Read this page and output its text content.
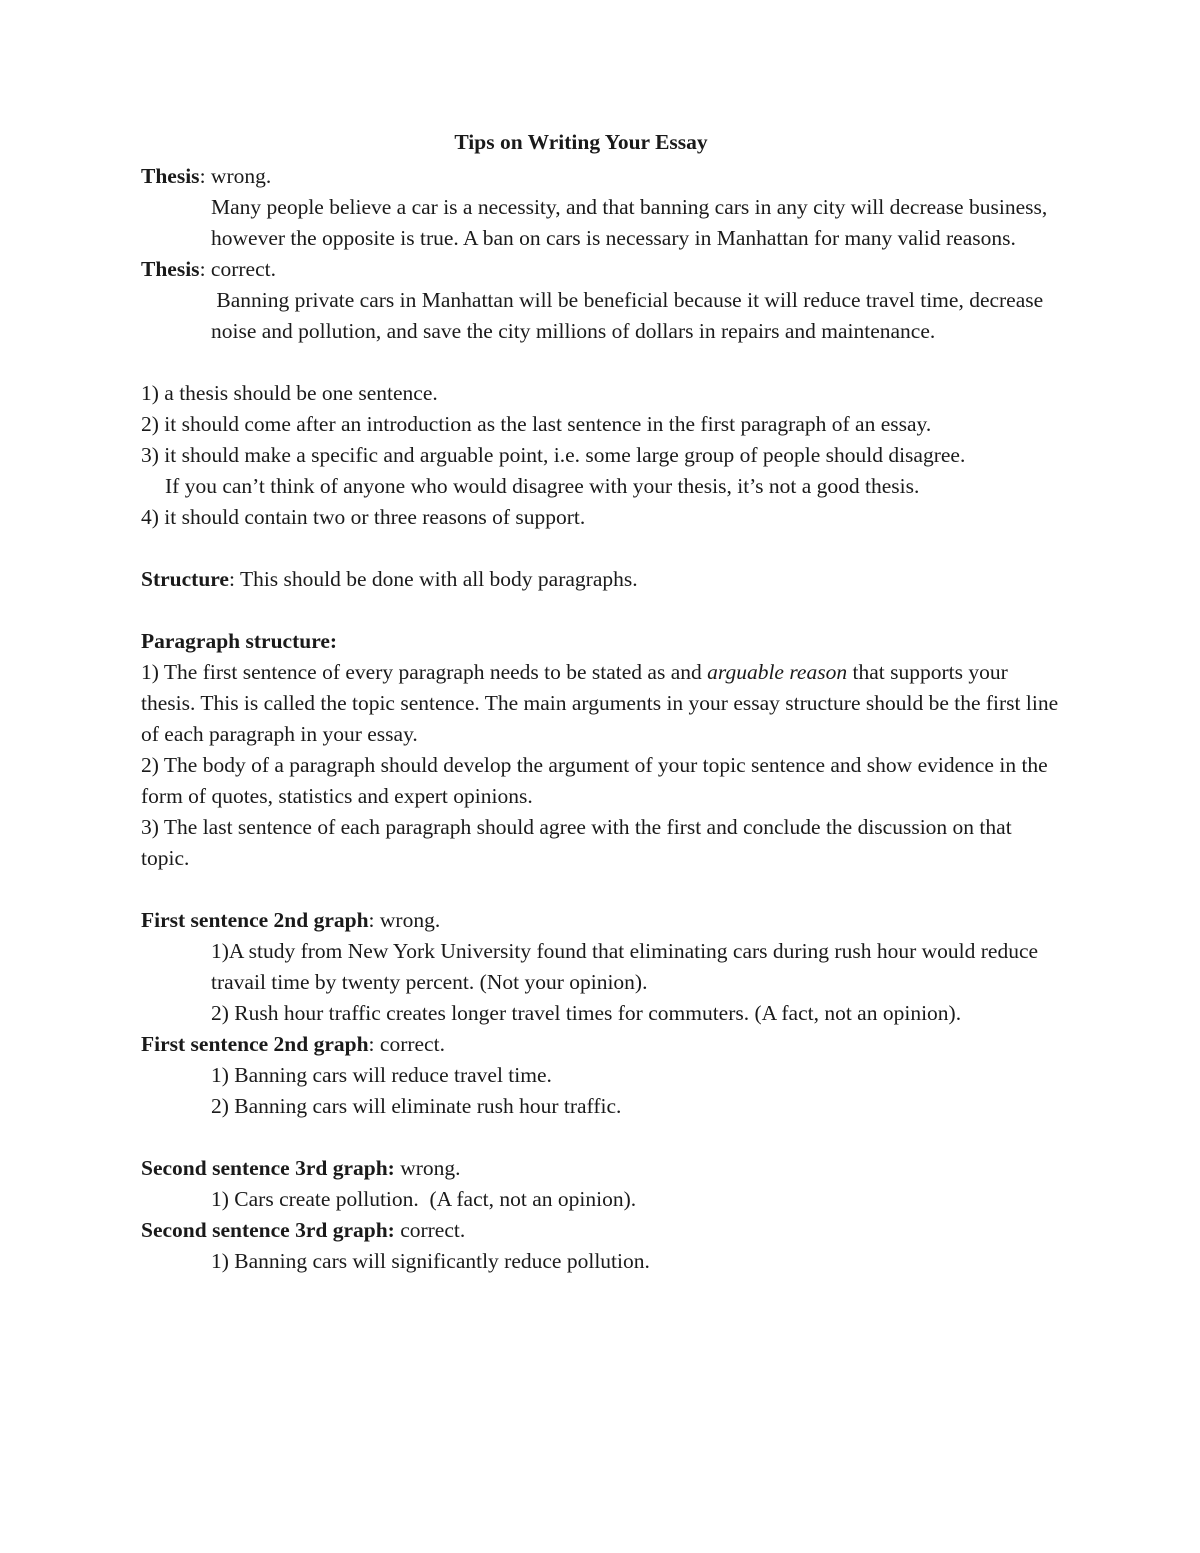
Tips on Writing Your Essay
Thesis: wrong.
Many people believe a car is a necessity, and that banning cars in any city will decrease business, however the opposite is true. A ban on cars is necessary in Manhattan for many valid reasons.
Thesis: correct.
Banning private cars in Manhattan will be beneficial because it will reduce travel time, decrease noise and pollution, and save the city millions of dollars in repairs and maintenance.
1) a thesis should be one sentence.
2) it should come after an introduction as the last sentence in the first paragraph of an essay.
3) it should make a specific and arguable point, i.e. some large group of people should disagree.
If you can’t think of anyone who would disagree with your thesis, it’s not a good thesis.
4) it should contain two or three reasons of support.
Structure: This should be done with all body paragraphs.
Paragraph structure:
1) The first sentence of every paragraph needs to be stated as and arguable reason that supports your thesis. This is called the topic sentence. The main arguments in your essay structure should be the first line of each paragraph in your essay.
2) The body of a paragraph should develop the argument of your topic sentence and show evidence in the form of quotes, statistics and expert opinions.
3) The last sentence of each paragraph should agree with the first and conclude the discussion on that topic.
First sentence 2nd graph: wrong.
1)A study from New York University found that eliminating cars during rush hour would reduce travail time by twenty percent. (Not your opinion).
2) Rush hour traffic creates longer travel times for commuters. (A fact, not an opinion).
First sentence 2nd graph: correct.
1) Banning cars will reduce travel time.
2) Banning cars will eliminate rush hour traffic.
Second sentence 3rd graph: wrong.
1) Cars create pollution.  (A fact, not an opinion).
Second sentence 3rd graph: correct.
1) Banning cars will significantly reduce pollution.
